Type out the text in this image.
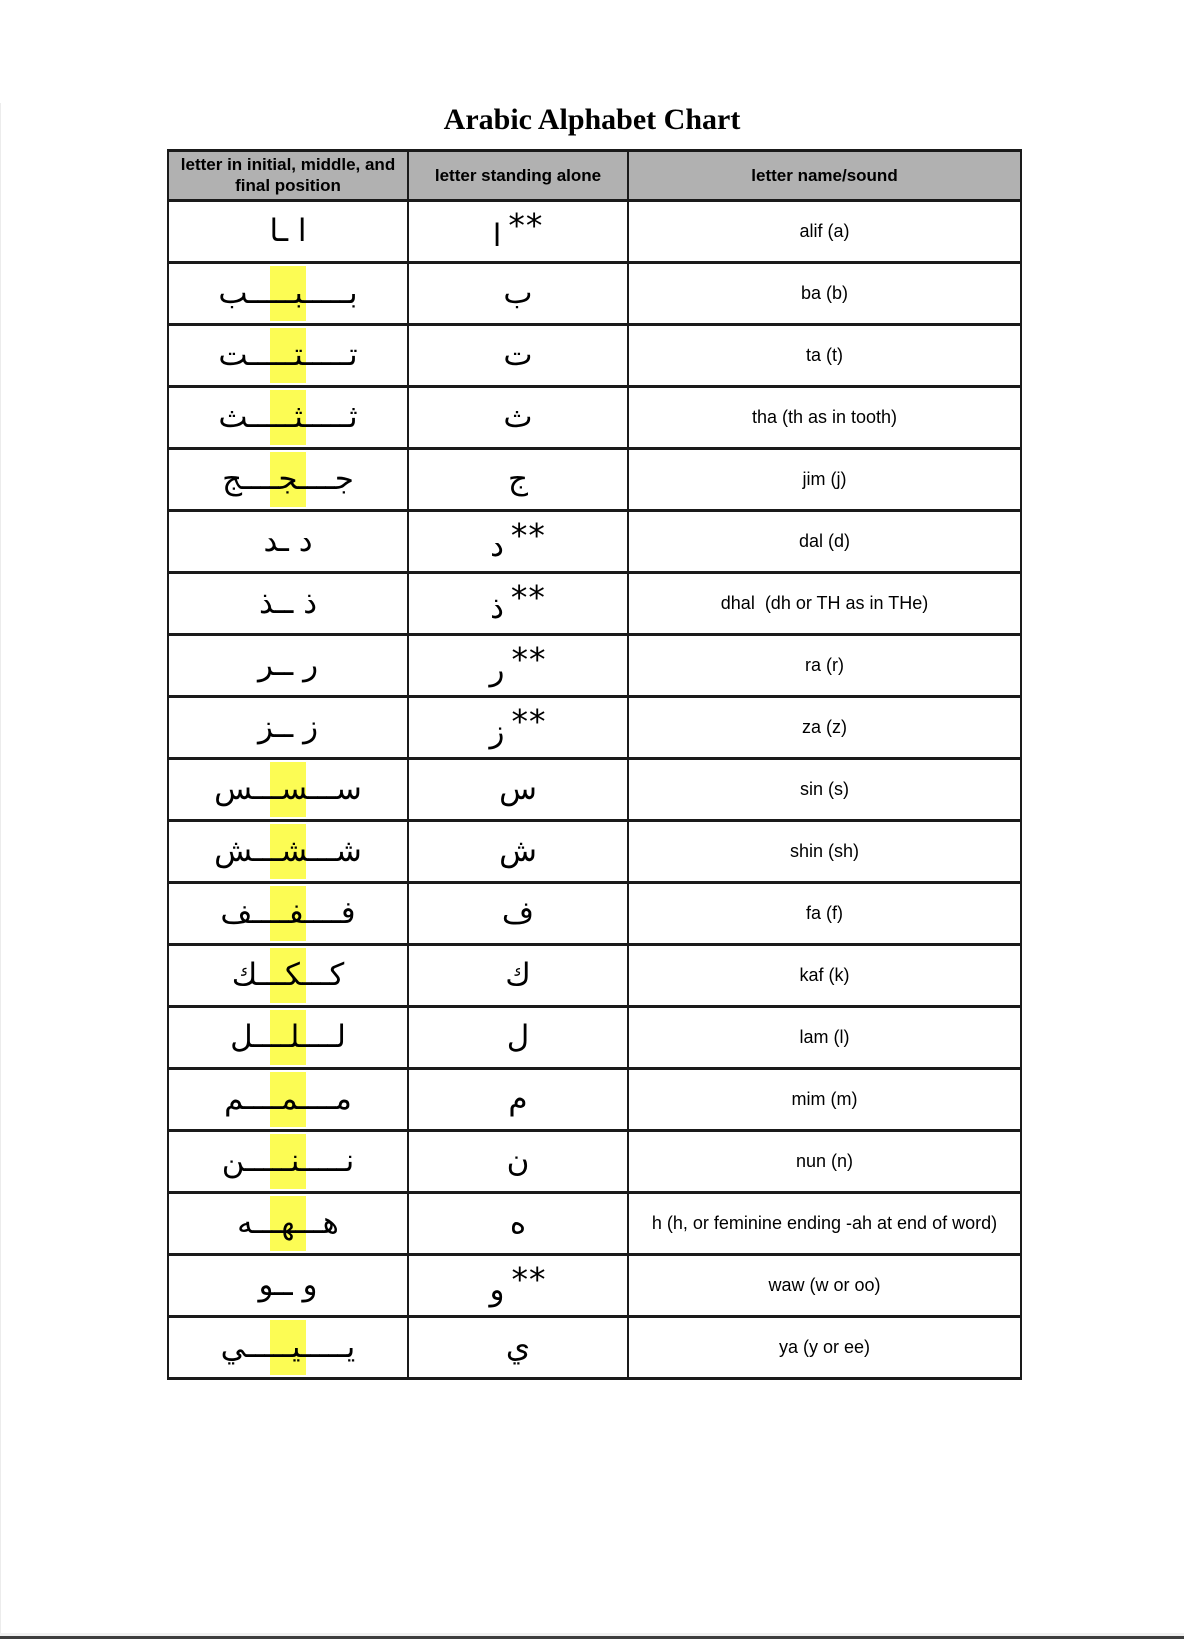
Arabic Alphabet Chart
letter in initial, middle, and final position	letter standing alone	letter name/sound
ا ـا	ا **	alif (a)

بـــــبـــــب	ب	ba (b)

تـــــتـــــت	ت	ta (t)

ثـــــثـــــث	ث	tha (th as in tooth)

جــــجــــج	ج	jim (j)
د ـد	د **	dal (d)
ذ ــذ	ذ **	dhal  (dh or TH as in THe)
ر ــر	ر **	ra (r)
ز ــز	ز **	za (z)

ســـســـس	س	sin (s)

شـــشـــش	ش	shin (sh)

فــــفــــف	ف	fa (f)

كـــكـــك	ك	kaf (k)

لــــلــــل	ل	lam (l)

مــــمــــم	م	mim (m)

نـــــنـــــن	ن	nun (n)

هـــهـــه	ه	h (h, or feminine ending -ah at end of word)
و ــو	و **	waw (w or oo)

يـــــيـــــي	ي	ya (y or ee)
